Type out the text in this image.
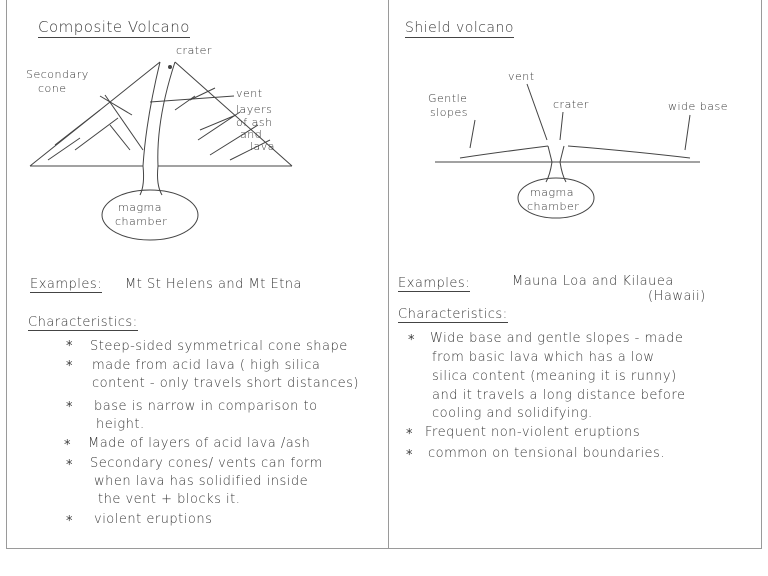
Composite Volcano
crater
Secondary
cone	vent
layers
of ash
and
lava
magma
chamber
Examples: Mt St Helens and Mt Etna
Characteristics:
* Steep-sided symmetrical cone shape
* made from acid lava ( high silica
content - only travels short distances)
* base is narrow in comparison to
height.
* Made of layers of acid lava /ash
* Secondary cones/ vents can form
when lava has solidified inside
the vent + blocks it.
* violent eruptions
Shield volcano
vent
Gentle
slopes
crater	wide base
magma
chamber
Examples:	Mauna Loa and Kilauea
(Hawaii)
Characteristics:
* Wide base and gentle slopes - made
from basic lava which has a low
silica content (meaning it is runny)
and it travels a long distance before
cooling and solidifying.
* Frequent non-violent eruptions
* common on tensional boundaries.
